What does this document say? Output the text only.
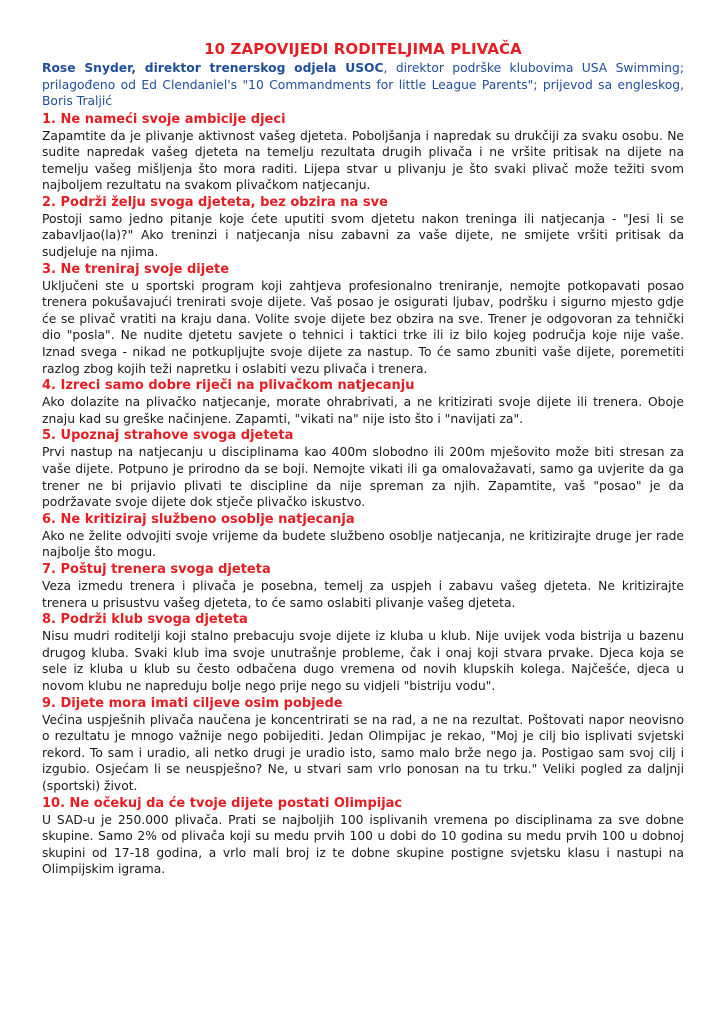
10 ZAPOVIJEDI RODITELJIMA PLIVAČA

Rose Snyder, direktor trenerskog odjela USOC, direktor podrške klubovima USA Swimming; prilagođeno od Ed Clendaniel's "10 Commandments for little League Parents"; prijevod sa engleskog, Boris Traljić

1. Ne nameći svoje ambicije djeci

Zapamtite da je plivanje aktivnost vašeg djeteta. Poboljšanja i napredak su drukčiji za svaku osobu. Ne sudite napredak vašeg djeteta na temelju rezultata drugih plivača i ne vršite pritisak na dijete na temelju vašeg mišljenja što mora raditi. Lijepa stvar u plivanju je što svaki plivač može težiti svom najboljem rezultatu na svakom plivačkom natjecanju.

2. Podrži želju svoga djeteta, bez obzira na sve

Postoji samo jedno pitanje koje ćete uputiti svom djetetu nakon treninga ili natjecanja - "Jesi li se zabavljao(la)?" Ako treninzi i natjecanja nisu zabavni za vaše dijete, ne smijete vršiti pritisak da sudjeluje na njima.

3. Ne treniraj svoje dijete

Uključeni ste u sportski program koji zahtjeva profesionalno treniranje, nemojte potkopavati posao trenera pokušavajući trenirati svoje dijete. Vaš posao je osigurati ljubav, podršku i sigurno mjesto gdje će se plivač vratiti na kraju dana. Volite svoje dijete bez obzira na sve. Trener je odgovoran za tehnički dio "posla". Ne nudite djetetu savjete o tehnici i taktici trke ili iz bilo kojeg područja koje nije vaše. Iznad svega - nikad ne potkupljujte svoje dijete za nastup. To će samo zbuniti vaše dijete, poremetiti razlog zbog kojih teži napretku i oslabiti vezu plivača i trenera.

4. Izreci samo dobre riječi na plivačkom natjecanju

Ako dolazite na plivačko natjecanje, morate ohrabrivati, a ne kritizirati svoje dijete ili trenera. Oboje znaju kad su greške načinjene. Zapamti, "vikati na" nije isto što i "navijati za".

5. Upoznaj strahove svoga djeteta

Prvi nastup na natjecanju u disciplinama kao 400m slobodno ili 200m mješovito može biti stresan za vaše dijete. Potpuno je prirodno da se boji. Nemojte vikati ili ga omalovažavati, samo ga uvjerite da ga trener ne bi prijavio plivati te discipline da nije spreman za njih. Zapamtite, vaš "posao" je da podržavate svoje dijete dok stječe plivačko iskustvo.

6. Ne kritiziraj službeno osoblje natjecanja

Ako ne želite odvojiti svoje vrijeme da budete službeno osoblje natjecanja, ne kritizirajte druge jer rade najbolje što mogu.

7. Poštuj trenera svoga djeteta

Veza izmedu trenera i plivača je posebna, temelj za uspjeh i zabavu vašeg djeteta. Ne kritizirajte trenera u prisustvu vašeg djeteta, to će samo oslabiti plivanje vašeg djeteta.

8. Podrži klub svoga djeteta

Nisu mudri roditelji koji stalno prebacuju svoje dijete iz kluba u klub. Nije uvijek voda bistrija u bazenu drugog kluba. Svaki klub ima svoje unutrašnje probleme, čak i onaj koji stvara prvake. Djeca koja se sele iz kluba u klub su često odbačena dugo vremena od novih klupskih kolega. Najčešće, djeca u novom klubu ne napreduju bolje nego prije nego su vidjeli "bistriju vodu".

9. Dijete mora imati ciljeve osim pobjede

Većina uspješnih plivača naučena je koncentrirati se na rad, a ne na rezultat. Poštovati napor neovisno o rezultatu je mnogo važnije nego pobijediti. Jedan Olimpijac je rekao, "Moj je cilj bio isplivati svjetski rekord. To sam i uradio, ali netko drugi je uradio isto, samo malo brže nego ja. Postigao sam svoj cilj i izgubio. Osjećam li se neuspješno? Ne, u stvari sam vrlo ponosan na tu trku." Veliki pogled za daljnji (sportski) život.

10. Ne očekuj da će tvoje dijete postati Olimpijac

U SAD-u je 250.000 plivača. Prati se najboljih 100 isplivanih vremena po disciplinama za sve dobne skupine. Samo 2% od plivača koji su medu prvih 100 u dobi do 10 godina su medu prvih 100 u dobnoj skupini od 17-18 godina, a vrlo mali broj iz te dobne skupine postigne svjetsku klasu i nastupi na Olimpijskim igrama.
